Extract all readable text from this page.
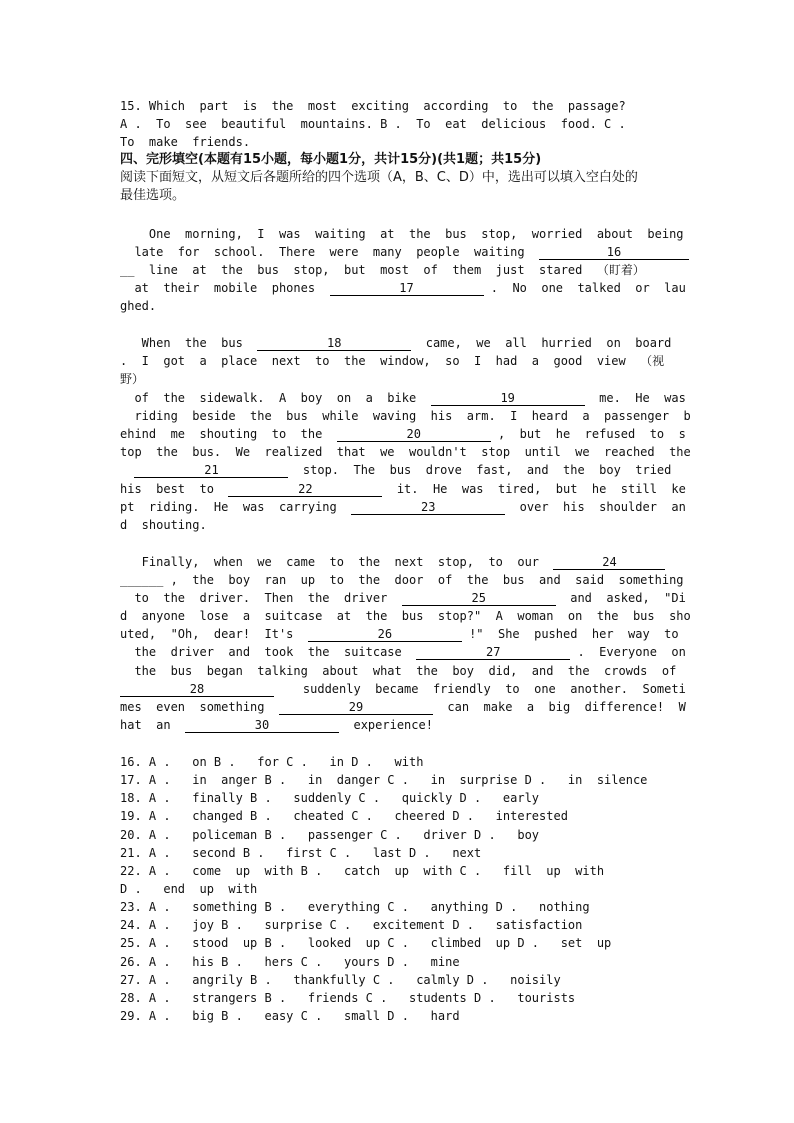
15. Which  part  is  the  most  exciting  according  to  the  passage?
A .  To  see  beautiful  mountains. B .  To  eat  delicious  food. C .
To  make  friends.
四、完形填空(本题有15小题，每小题1分，共计15分)(共1题；共15分)
阅读下面短文，从短文后各题所给的四个选项（A，B、C、D）中，选出可以填入空白处的
最佳选项。
One  morning,  I  was  waiting  at  the  bus  stop,  worried  about  being
late  for  school.  There  were  many  people  waiting	16
__  line  at  the  bus  stop,  but  most  of  them  just  stared  （盯着）
at  their  mobile  phones	17	.  No  one  talked  or  lau
ghed.
When  the  bus	18	came,  we  all  hurried  on  board
.  I  got  a  place  next  to  the  window,  so  I  had  a  good  view  （视
野）
of  the  sidewalk.  A  boy  on  a  bike	19	me.  He  was
riding  beside  the  bus  while  waving  his  arm.  I  heard  a  passenger  b
ehind  me  shouting  to  the	20	,  but  he  refused  to  s
top  the  bus.  We  realized  that  we  wouldn't  stop  until  we  reached  the
21	stop.  The  bus  drove  fast,  and  the  boy  tried
his  best  to	22	it.  He  was  tired,  but  he  still  ke
pt  riding.  He  was  carrying	23	over  his  shoulder  an
d  shouting.
Finally,  when  we  came  to  the  next  stop,  to  our	24
______ ,  the  boy  ran  up  to  the  door  of  the  bus  and  said  something
to  the  driver.  Then  the  driver	25	and  asked,  "Di
d  anyone  lose  a  suitcase  at  the  bus  stop?"  A  woman  on  the  bus  sho
uted,  "Oh,  dear!  It's	26	!"  She  pushed  her  way  to
the  driver  and  took  the  suitcase	27	.  Everyone  on
the  bus  began  talking  about  what  the  boy  did,  and  the  crowds  of
28	suddenly  became  friendly  to  one  another.  Someti
mes  even  something	29	can  make  a  big  difference!  W
hat  an	30	experience!
16. A .   on B .   for C .   in D .   with
17. A .   in  anger B .   in  danger C .   in  surprise D .   in  silence
18. A .   finally B .   suddenly C .   quickly D .   early
19. A .   changed B .   cheated C .   cheered D .   interested
20. A .   policeman B .   passenger C .   driver D .   boy
21. A .   second B .   first C .   last D .   next
22. A .   come  up  with B .   catch  up  with C .   fill  up  with
D .   end  up  with
23. A .   something B .   everything C .   anything D .   nothing
24. A .   joy B .   surprise C .   excitement D .   satisfaction
25. A .   stood  up B .   looked  up C .   climbed  up D .   set  up
26. A .   his B .   hers C .   yours D .   mine
27. A .   angrily B .   thankfully C .   calmly D .   noisily
28. A .   strangers B .   friends C .   students D .   tourists
29. A .   big B .   easy C .   small D .   hard
